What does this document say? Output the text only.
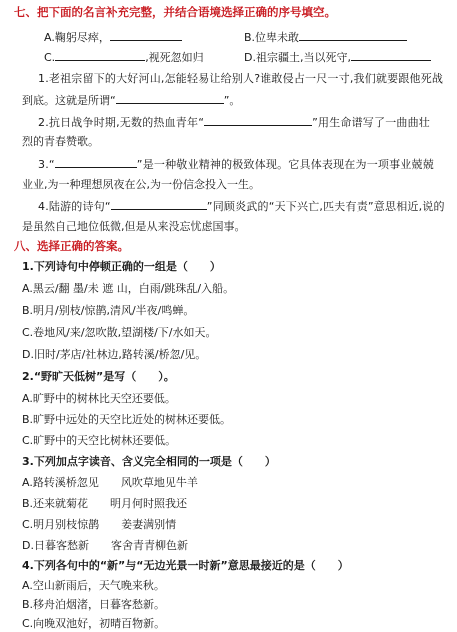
七、把下面的名言补充完整，并结合语境选择正确的序号填空。
A.鞠躬尽瘁，	B.位卑未敢
C.	,视死忽如归	D.祖宗疆土,当以死守,
1.老祖宗留下的大好河山,怎能轻易让给别人?谁敢侵占一尺一寸,我们就要跟他死战
到底。这就是所谓“	”。
2.抗日战争时期,无数的热血青年“	”用生命谱写了一曲曲壮
烈的青春赞歌。
3.“	”是一种敬业精神的极致体现。它具体表现在为一项事业兢兢
业业,为一种理想夙夜在公,为一份信念投入一生。
4.陆游的诗句“	”同顾炎武的“天下兴亡,匹夫有责”意思相近,说的
是虽然自己地位低微,但是从来没忘忧虑国事。
八、选择正确的答案。
1.下列诗句中停顿正确的一组是（　　）
A.黑云/翻 墨/未 遮 山，白雨/跳珠乱/入船。
B.明月/别枝/惊鹊,清风/半夜/鸣蝉。
C.卷地风/来/忽吹散,望湖楼/下/水如天。
D.旧时/茅店/社林边,路转溪/桥忽/见。
2.“野旷天低树”是写（　　）。
A.旷野中的树林比天空还要低。
B.旷野中远处的天空比近处的树林还要低。
C.旷野中的天空比树林还要低。
3.下列加点字读音、含义完全相同的一项是（　　）
A.路转溪桥忽见　　风吹草地见牛羊
B.还来就菊花　　明月何时照我还
C.明月别枝惊鹊　　姜妻满别情
D.日暮客愁新　　客舍青青柳色新
4.下列各句中的“新”与“无边光景一时新”意思最接近的是（　　）
A.空山新雨后，天气晚来秋。
B.移舟泊烟渚，日暮客愁新。
C.向晚双池好，初晴百物新。
